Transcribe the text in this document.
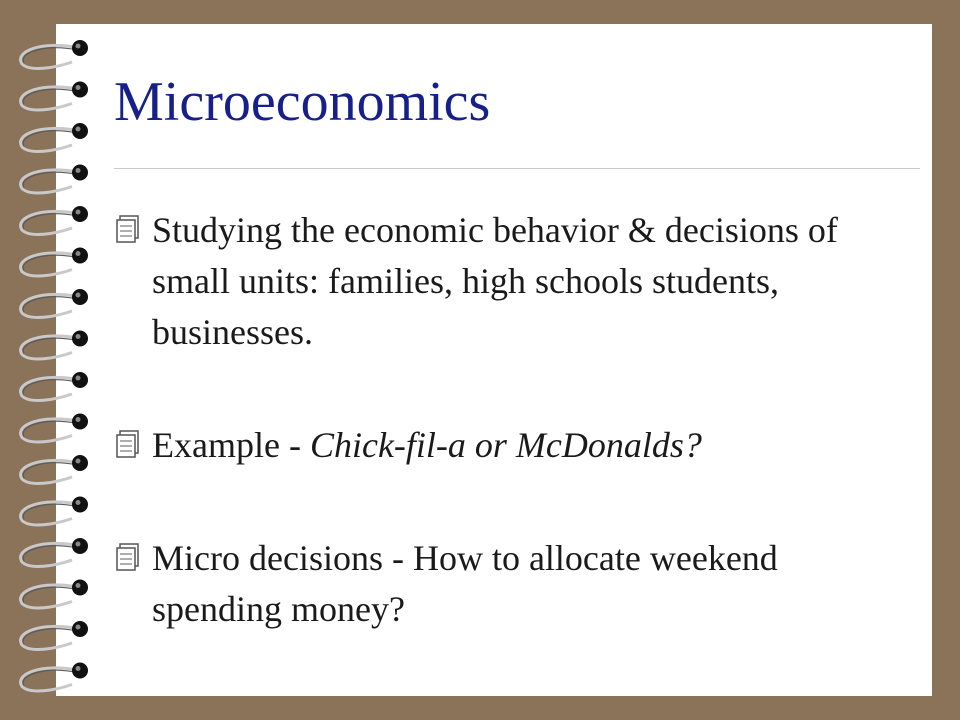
Microeconomics
Studying the economic behavior & decisions of small units: families, high schools students, businesses.
Example - Chick-fil-a or McDonalds?
Micro decisions - How to allocate weekend spending money?
